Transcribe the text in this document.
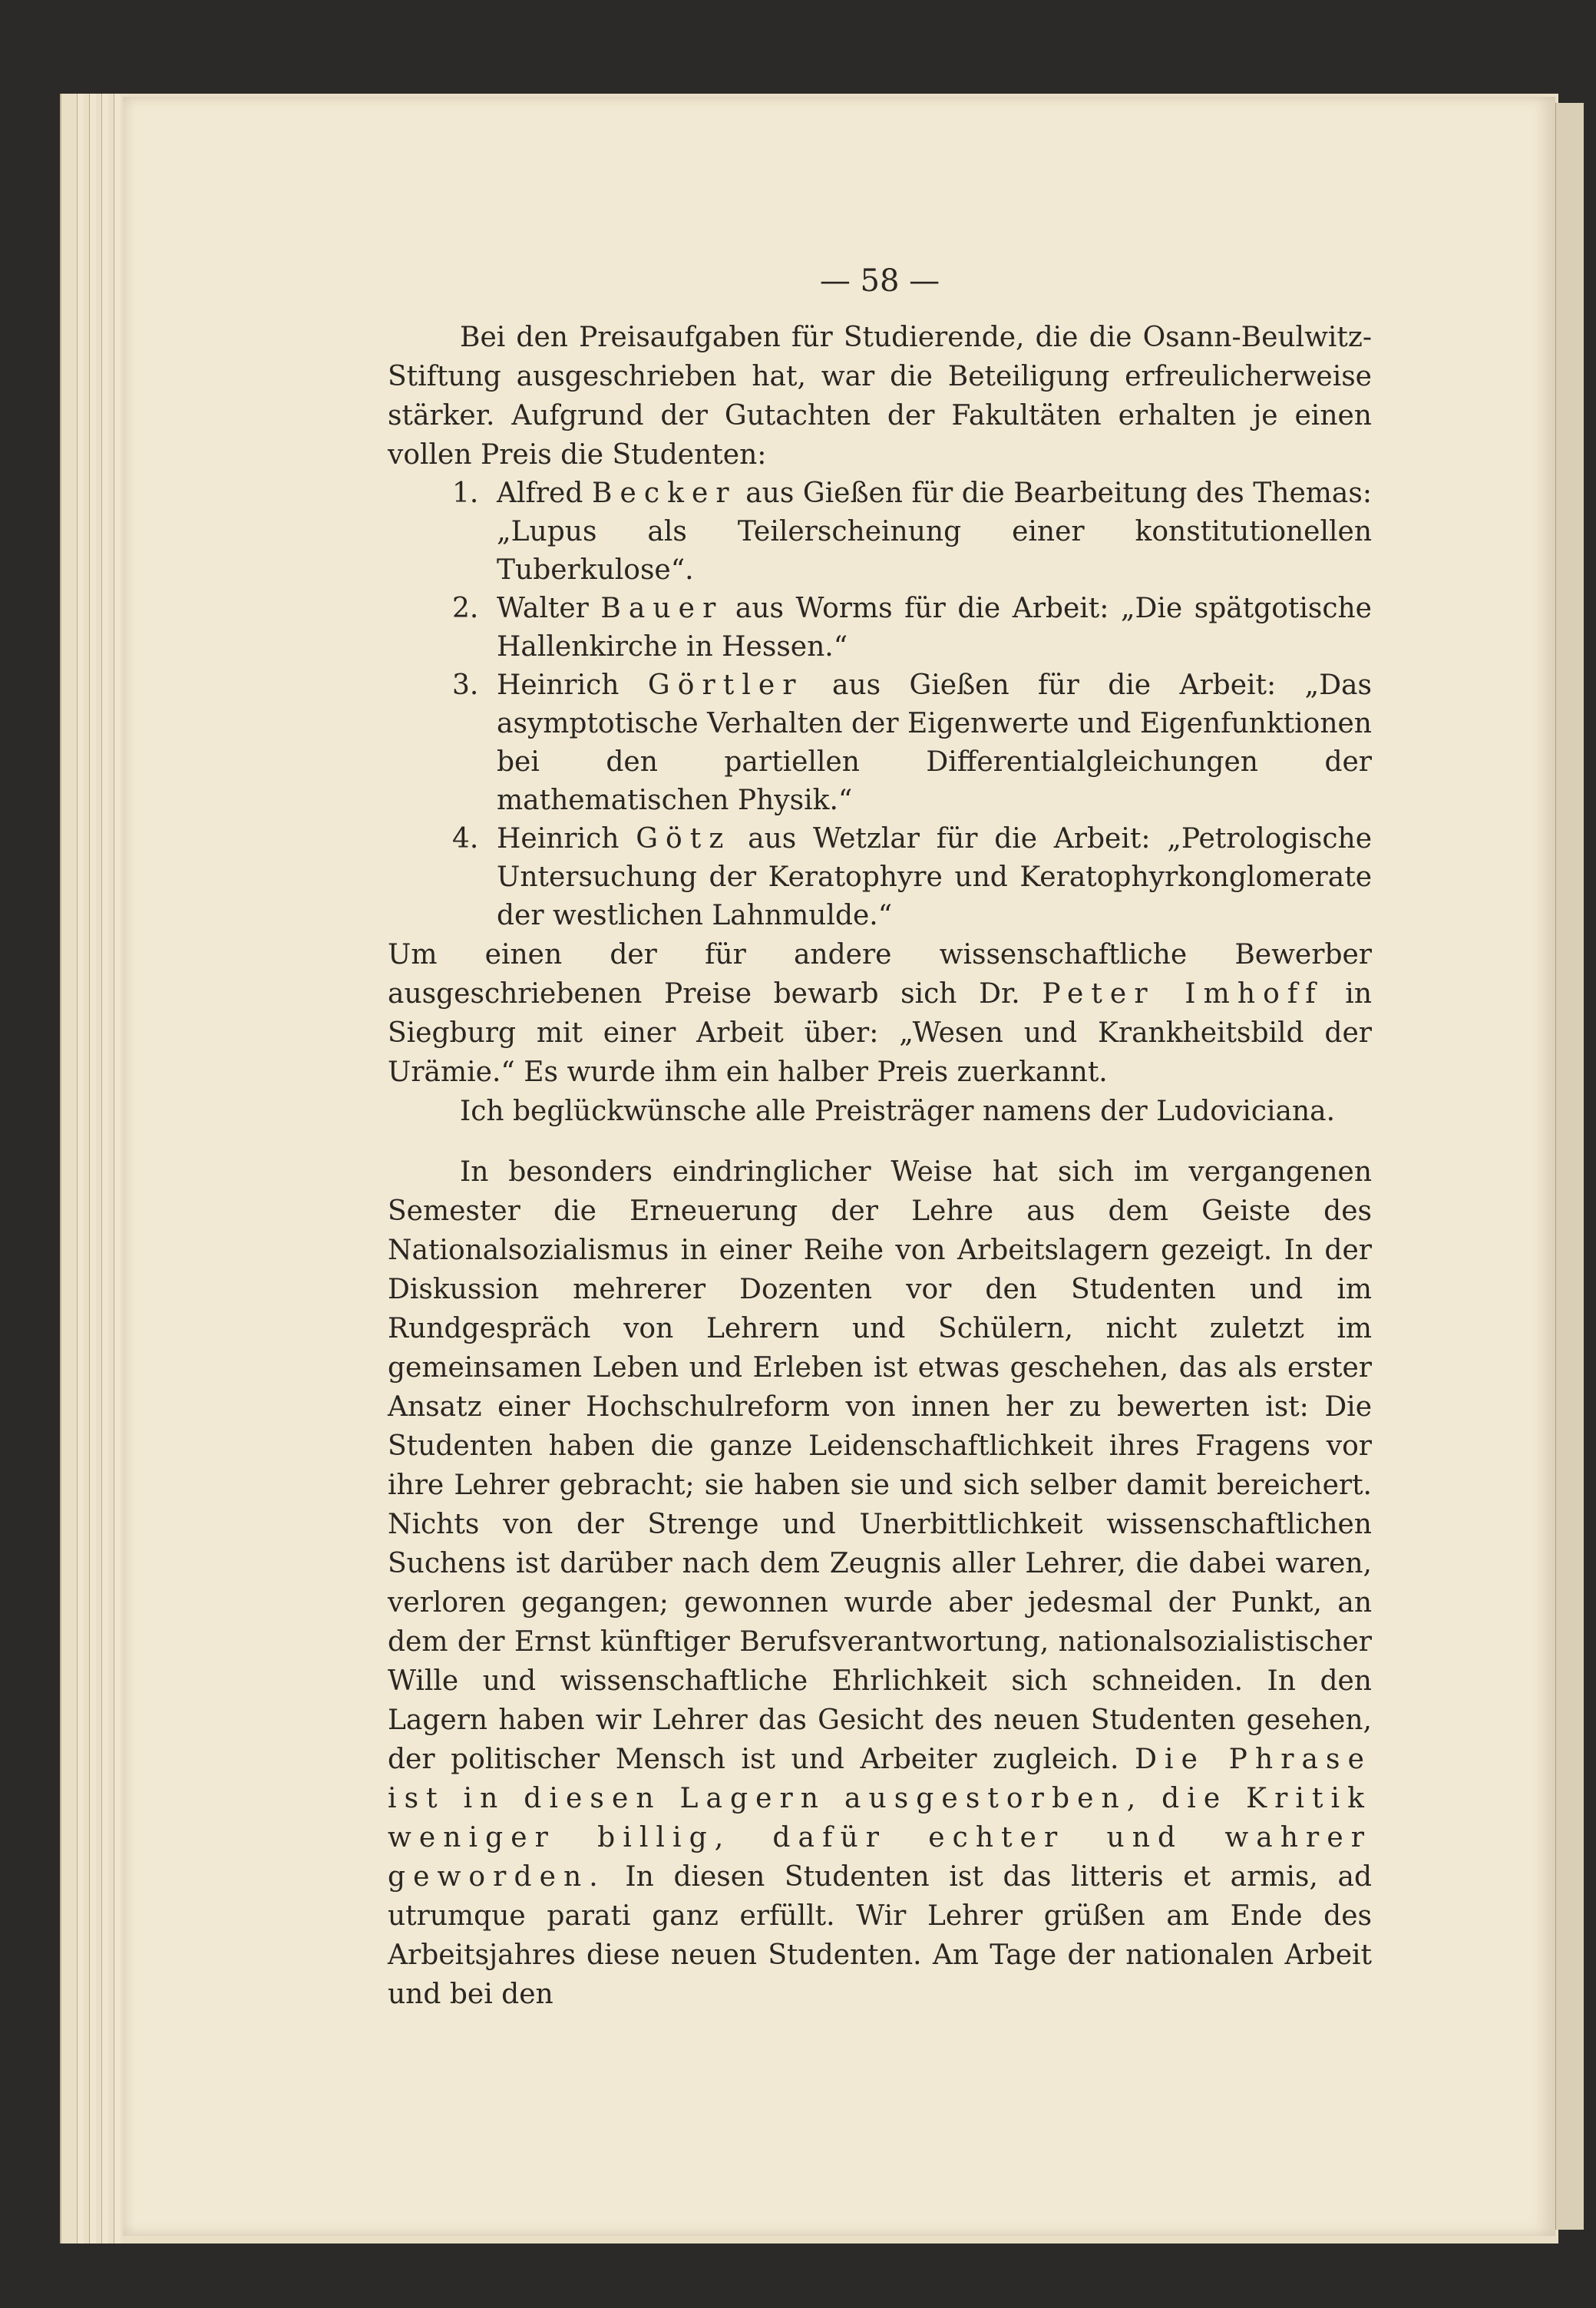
— 58 —

Bei den Preisaufgaben für Studierende, die die Osann-Beulwitz-Stiftung ausgeschrieben hat, war die Beteiligung erfreulicherweise stärker. Aufgrund der Gutachten der Fakultäten erhalten je einen vollen Preis die Studenten:

1. Alfred Becker aus Gießen für die Bearbeitung des Themas: „Lupus als Teilerscheinung einer konstitutionellen Tuberkulose“.
2. Walter Bauer aus Worms für die Arbeit: „Die spätgotische Hallenkirche in Hessen.“
3. Heinrich Görtler aus Gießen für die Arbeit: „Das asymptotische Verhalten der Eigenwerte und Eigenfunktionen bei den partiellen Differentialgleichungen der mathematischen Physik.“
4. Heinrich Götz aus Wetzlar für die Arbeit: „Petrologische Untersuchung der Keratophyre und Keratophyrkonglomerate der westlichen Lahnmulde.“

Um einen der für andere wissenschaftliche Bewerber ausgeschriebenen Preise bewarb sich Dr. Peter Imhoff in Siegburg mit einer Arbeit über: „Wesen und Krankheitsbild der Urämie.“ Es wurde ihm ein halber Preis zuerkannt.

Ich beglückwünsche alle Preisträger namens der Ludoviciana.

In besonders eindringlicher Weise hat sich im vergangenen Semester die Erneuerung der Lehre aus dem Geiste des Nationalsozialismus in einer Reihe von Arbeitslagern gezeigt. In der Diskussion mehrerer Dozenten vor den Studenten und im Rundgespräch von Lehrern und Schülern, nicht zuletzt im gemeinsamen Leben und Erleben ist etwas geschehen, das als erster Ansatz einer Hochschulreform von innen her zu bewerten ist: Die Studenten haben die ganze Leidenschaftlichkeit ihres Fragens vor ihre Lehrer gebracht; sie haben sie und sich selber damit bereichert. Nichts von der Strenge und Unerbittlichkeit wissenschaftlichen Suchens ist darüber nach dem Zeugnis aller Lehrer, die dabei waren, verloren gegangen; gewonnen wurde aber jedesmal der Punkt, an dem der Ernst künftiger Berufsverantwortung, nationalsozialistischer Wille und wissenschaftliche Ehrlichkeit sich schneiden. In den Lagern haben wir Lehrer das Gesicht des neuen Studenten gesehen, der politischer Mensch ist und Arbeiter zugleich. Die Phrase ist in diesen Lagern ausgestorben, die Kritik weniger billig, dafür echter und wahrer geworden. In diesen Studenten ist das litteris et armis, ad utrumque parati ganz erfüllt. Wir Lehrer grüßen am Ende des Arbeitsjahres diese neuen Studenten. Am Tage der nationalen Arbeit und bei den
